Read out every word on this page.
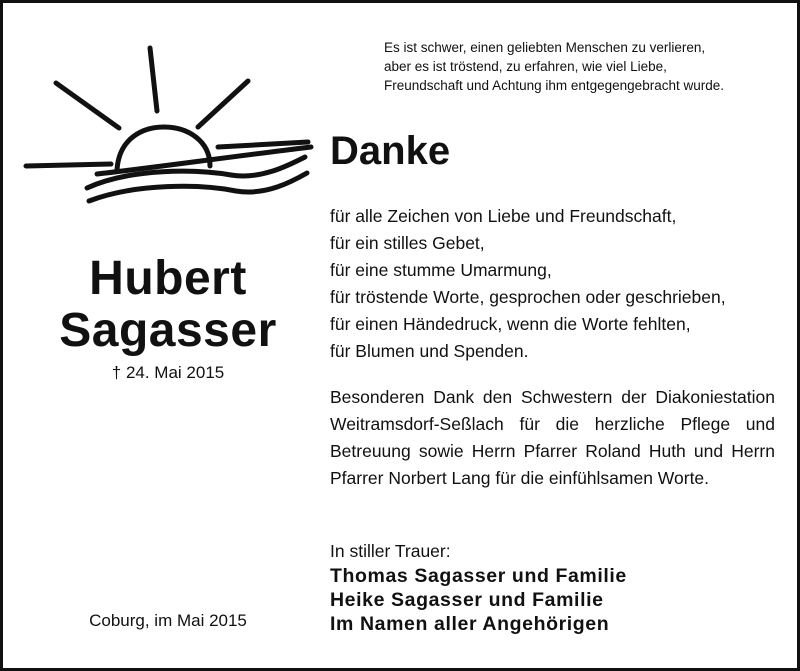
Hubert
Sagasser
† 24. Mai 2015
Coburg, im Mai 2015
Es ist schwer, einen geliebten Menschen zu verlieren,
aber es ist tröstend, zu erfahren, wie viel Liebe,
Freundschaft und Achtung ihm entgegengebracht wurde.
Danke
für alle Zeichen von Liebe und Freundschaft,
für ein stilles Gebet,
für eine stumme Umarmung,
für tröstende Worte, gesprochen oder geschrieben,
für einen Händedruck, wenn die Worte fehlten,
für Blumen und Spenden.
Besonderen Dank den Schwestern der Diakoniestation
Weitramsdorf-Seßlach für die herzliche Pflege und
Betreuung sowie Herrn Pfarrer Roland Huth und Herrn
Pfarrer Norbert Lang für die einfühlsamen Worte.
In stiller Trauer:
Thomas Sagasser und Familie
Heike Sagasser und Familie
Im Namen aller Angehörigen
